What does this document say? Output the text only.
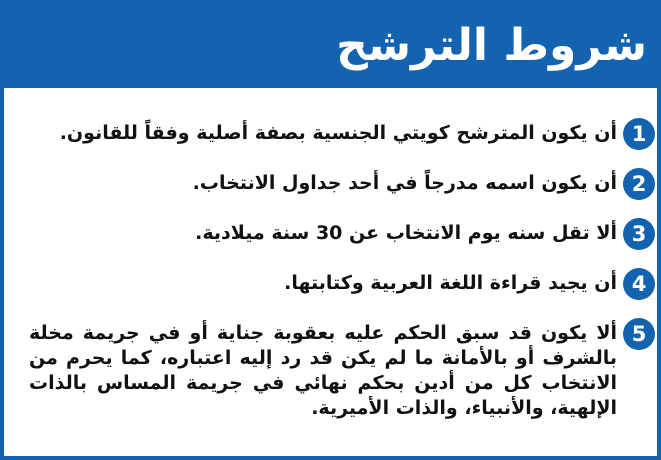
شروط الترشح
1
أن يكون المترشح كويتي الجنسية بصفة أصلية وفقاً للقانون.
2
أن يكون اسمه مدرجاً في أحد جداول الانتخاب.
3
ألا تقل سنه يوم الانتخاب عن 30 سنة ميلادية.
4
أن يجيد قراءة اللغة العربية وكتابتها.
5
ألا يكون قد سبق الحكم عليه بعقوبة جناية أو في جريمة مخلة بالشرف أو بالأمانة ما لم يكن قد رد إليه اعتباره، كما يحرم من الانتخاب كل من أدين بحكم نهائي في جريمة المساس بالذات الإلهية، والأنبياء، والذات الأميرية.
